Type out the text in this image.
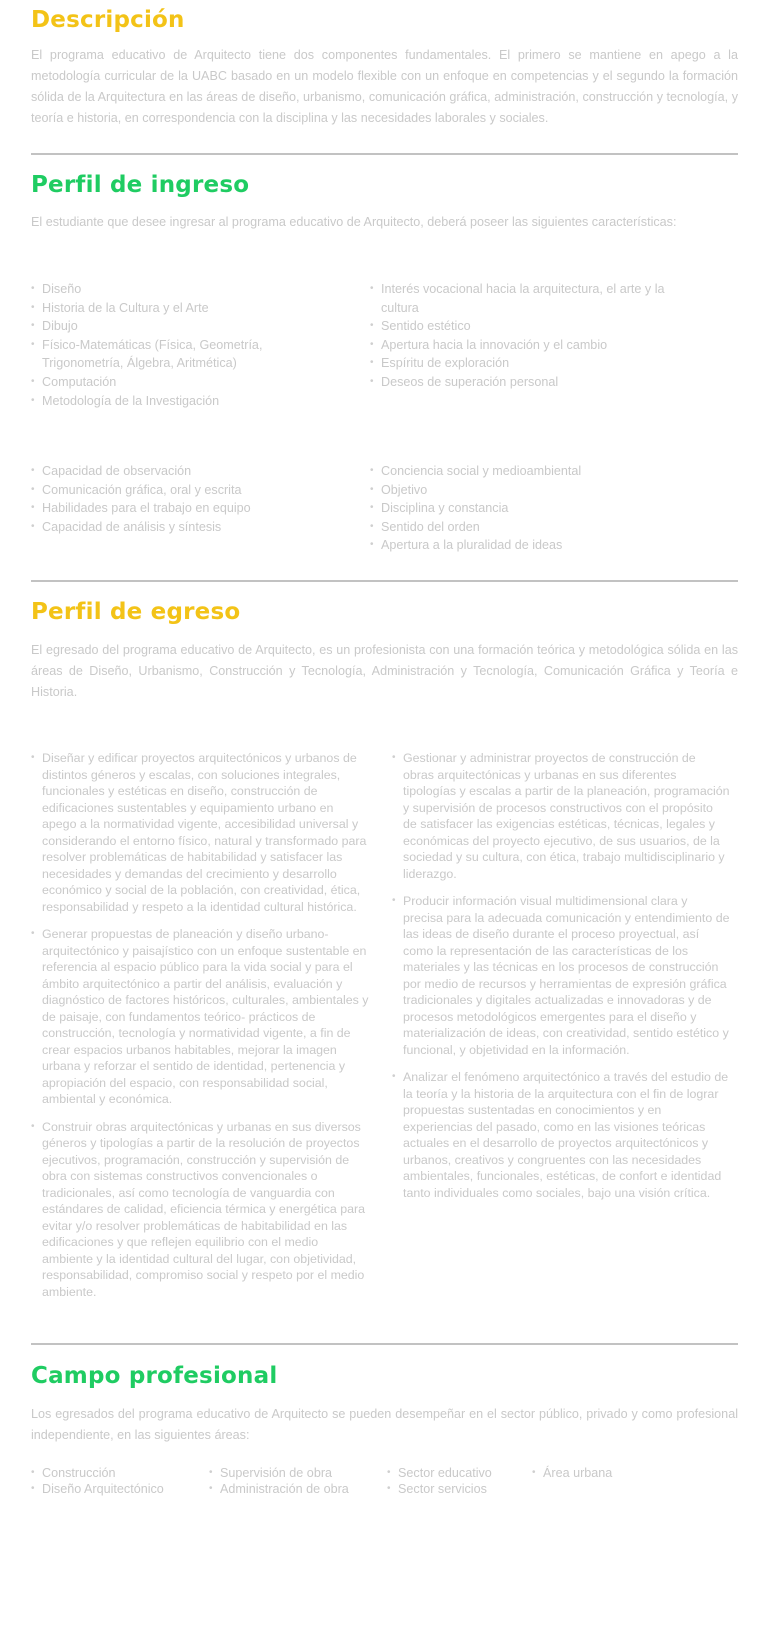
Descripción

El programa educativo de Arquitecto tiene dos componentes fundamentales. El primero se mantiene en apego a la metodología curricular de la UABC basado en un modelo flexible con un enfoque en competencias y el segundo la formación sólida de la Arquitectura en las áreas de diseño, urbanismo, comunicación gráfica, administración, construcción y tecnología, y teoría e historia, en correspondencia con la disciplina y las necesidades laborales y sociales.

Perfil de ingreso

El estudiante que desee ingresar al programa educativo de Arquitecto, deberá poseer las siguientes características:

• Diseño
• Historia de la Cultura y el Arte
• Dibujo
• Físico-Matemáticas (Física, Geometría, Trigonometría, Álgebra, Aritmética)
• Computación
• Metodología de la Investigación
• Interés vocacional hacia la arquitectura, el arte y la cultura
• Sentido estético
• Apertura hacia la innovación y el cambio
• Espíritu de exploración
• Deseos de superación personal
• Capacidad de observación
• Comunicación gráfica, oral y escrita
• Habilidades para el trabajo en equipo
• Capacidad de análisis y síntesis
• Conciencia social y medioambiental
• Objetivo
• Disciplina y constancia
• Sentido del orden
• Apertura a la pluralidad de ideas
Perfil de egreso

El egresado del programa educativo de Arquitecto, es un profesionista con una formación teórica y metodológica sólida en las áreas de Diseño, Urbanismo, Construcción y Tecnología, Administración y Tecnología, Comunicación Gráfica y Teoría e Historia.

• Diseñar y edificar proyectos arquitectónicos y urbanos de distintos géneros y escalas, con soluciones integrales, funcionales y estéticas en diseño, construcción de edificaciones sustentables y equipamiento urbano en apego a la normatividad vigente, accesibilidad universal y considerando el entorno físico, natural y transformado para resolver problemáticas de habitabilidad y satisfacer las necesidades y demandas del crecimiento y desarrollo económico y social de la población, con creatividad, ética, responsabilidad y respeto a la identidad cultural histórica.
• Generar propuestas de planeación y diseño urbano-arquitectónico y paisajístico con un enfoque sustentable en referencia al espacio público para la vida social y para el ámbito arquitectónico a partir del análisis, evaluación y diagnóstico de factores históricos, culturales, ambientales y de paisaje, con fundamentos teórico- prácticos de construcción, tecnología y normatividad vigente, a fin de crear espacios urbanos habitables, mejorar la imagen urbana y reforzar el sentido de identidad, pertenencia y apropiación del espacio, con responsabilidad social, ambiental y económica.
• Construir obras arquitectónicas y urbanas en sus diversos géneros y tipologías a partir de la resolución de proyectos ejecutivos, programación, construcción y supervisión de obra con sistemas constructivos convencionales o tradicionales, así como tecnología de vanguardia con estándares de calidad, eficiencia térmica y energética para evitar y/o resolver problemáticas de habitabilidad en las edificaciones y que reflejen equilibrio con el medio ambiente y la identidad cultural del lugar, con objetividad, responsabilidad, compromiso social y respeto por el medio ambiente.
• Gestionar y administrar proyectos de construcción de obras arquitectónicas y urbanas en sus diferentes tipologías y escalas a partir de la planeación, programación y supervisión de procesos constructivos con el propósito de satisfacer las exigencias estéticas, técnicas, legales y económicas del proyecto ejecutivo, de sus usuarios, de la sociedad y su cultura, con ética, trabajo multidisciplinario y liderazgo.
• Producir información visual multidimensional clara y precisa para la adecuada comunicación y entendimiento de las ideas de diseño durante el proceso proyectual, así como la representación de las características de los materiales y las técnicas en los procesos de construcción por medio de recursos y herramientas de expresión gráfica tradicionales y digitales actualizadas e innovadoras y de procesos metodológicos emergentes para el diseño y materialización de ideas, con creatividad, sentido estético y funcional, y objetividad en la información.
• Analizar el fenómeno arquitectónico a través del estudio de la teoría y la historia de la arquitectura con el fin de lograr propuestas sustentadas en conocimientos y en experiencias del pasado, como en las visiones teóricas actuales en el desarrollo de proyectos arquitectónicos y urbanos, creativos y congruentes con las necesidades ambientales, funcionales, estéticas, de confort e identidad tanto individuales como sociales, bajo una visión crítica.
Campo profesional

Los egresados del programa educativo de Arquitecto se pueden desempeñar en el sector público, privado y como profesional independiente, en las siguientes áreas:

• Construcción
• Diseño Arquitectónico
• Supervisión de obra
• Administración de obra
• Sector educativo
• Sector servicios
• Área urbana
